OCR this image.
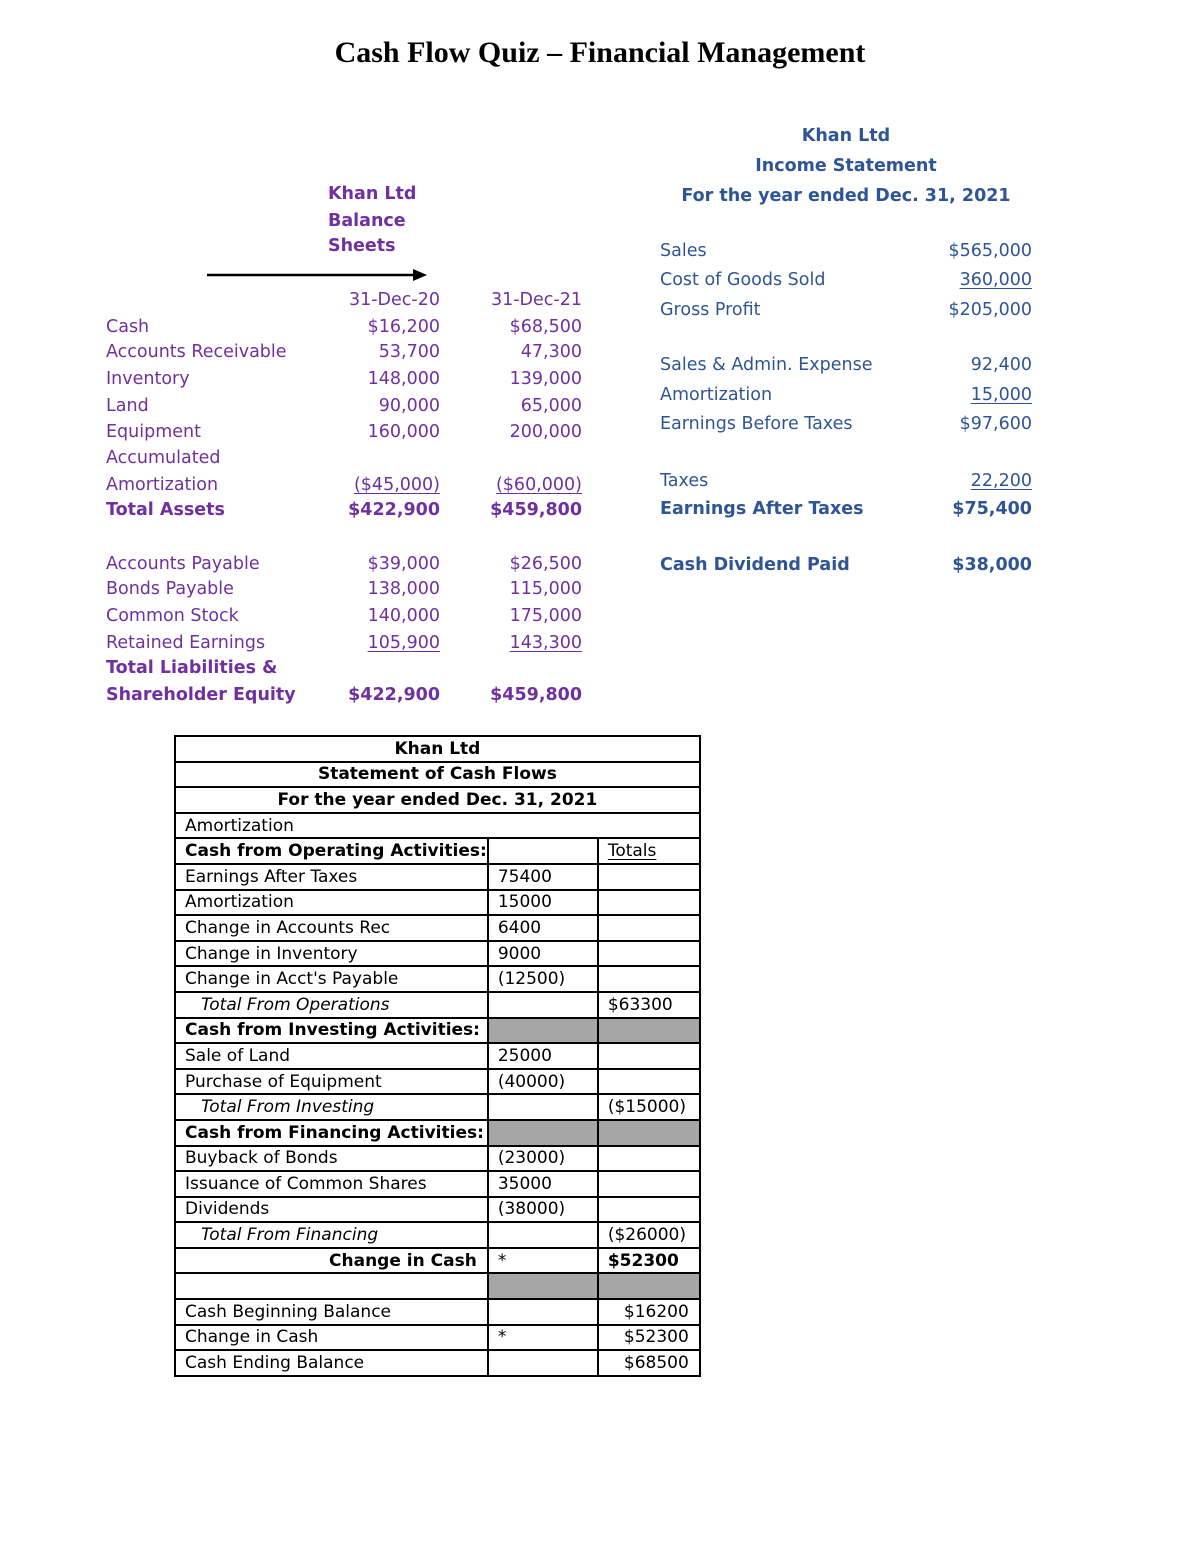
Cash Flow Quiz – Financial Management
Khan Ltd
Balance
Sheets
31-Dec-20	31-Dec-21
Cash	$16,200	$68,500
Accounts Receivable	53,700	47,300
Inventory	148,000	139,000
Land	90,000	65,000
Equipment	160,000	200,000
Accumulated
Amortization	($45,000)	($60,000)
Total Assets	$422,900	$459,800
Accounts Payable	$39,000	$26,500
Bonds Payable	138,000	115,000
Common Stock	140,000	175,000
Retained Earnings	105,900	143,300
Total Liabilities &
Shareholder Equity	$422,900	$459,800
Khan Ltd
Income Statement
For the year ended Dec. 31, 2021
Sales	$565,000
Cost of Goods Sold	360,000
Gross Profit	$205,000
Sales & Admin. Expense	92,400
Amortization	15,000
Earnings Before Taxes	$97,600
Taxes	22,200
Earnings After Taxes	$75,400
Cash Dividend Paid	$38,000
Khan Ltd		
Statement of Cash Flows		
For the year ended Dec. 31, 2021		
Amortization		
Cash from Operating Activities:		Totals
Earnings After Taxes	75400	
Amortization	15000	
Change in Accounts Rec	6400	
Change in Inventory	9000	
Change in Acct's Payable	(12500)	
Total From Operations		$63300
Cash from Investing Activities:		
Sale of Land	25000	
Purchase of Equipment	(40000)	
Total From Investing		($15000)
Cash from Financing Activities:		
Buyback of Bonds	(23000)	
Issuance of Common Shares	35000	
Dividends	(38000)	
Total From Financing		($26000)
Change in Cash	*	$52300

Cash Beginning Balance		$16200
Change in Cash	*	$52300
Cash Ending Balance		$68500
